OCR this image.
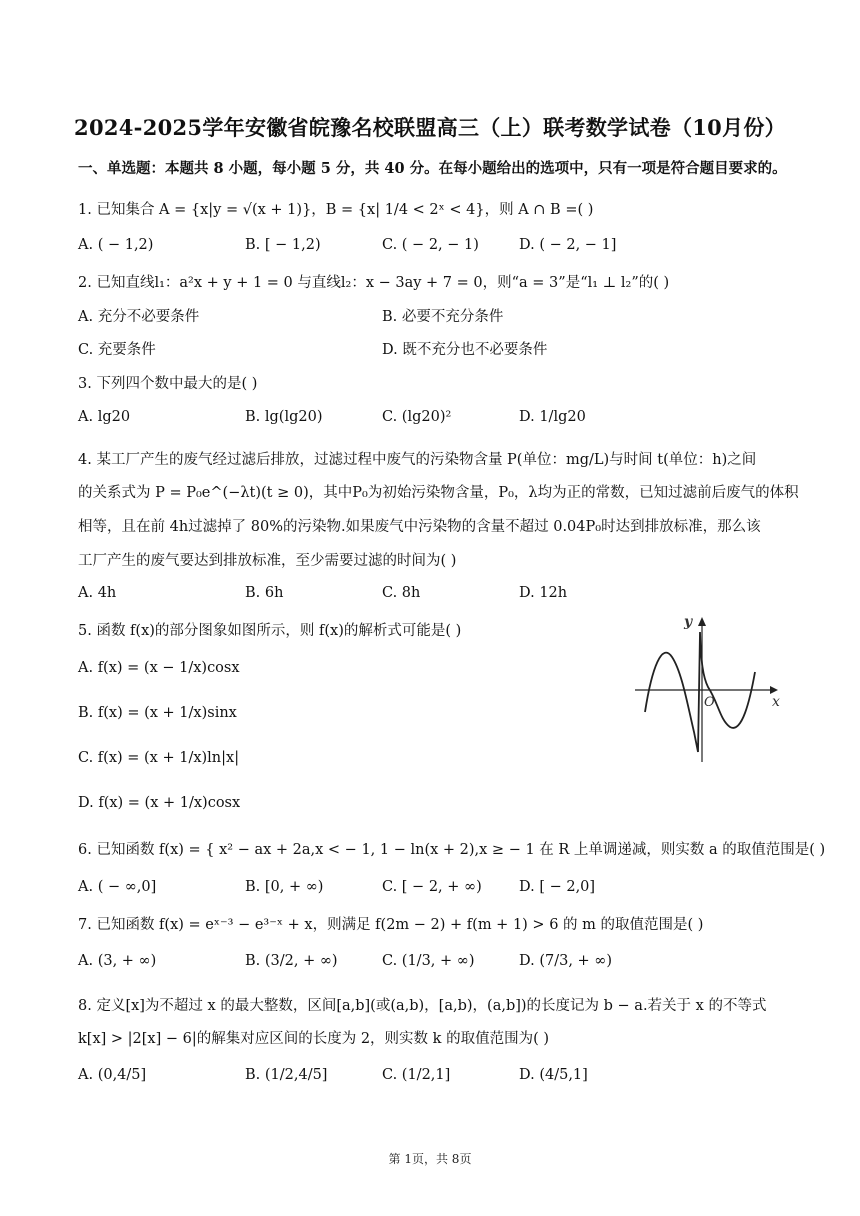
2024-2025学年安徽省皖豫名校联盟高三（上）联考数学试卷（10月份）
一、单选题：本题共 8 小题，每小题 5 分，共 40 分。在每小题给出的选项中，只有一项是符合题目要求的。
1. 已知集合 A = {x|y = √(x + 1)}，B = {x| 1/4 < 2ˣ < 4}，则 A ∩ B =( )
A. ( − 1,2)	B. [ − 1,2)	C. ( − 2, − 1)	D. ( − 2, − 1]
2. 已知直线l₁：a²x + y + 1 = 0 与直线l₂：x − 3ay + 7 = 0，则“a = 3”是“l₁ ⊥ l₂”的( )
A. 充分不必要条件	B. 必要不充分条件
C. 充要条件	D. 既不充分也不必要条件
3. 下列四个数中最大的是( )
A. lg20	B. lg(lg20)	C. (lg20)²	D. 1/lg20
4. 某工厂产生的废气经过滤后排放，过滤过程中废气的污染物含量 P(单位：mg/L)与时间 t(单位：h)之间
的关系式为 P = P₀e^(−λt)(t ≥ 0)，其中P₀为初始污染物含量，P₀，λ均为正的常数，已知过滤前后废气的体积
相等，且在前 4h过滤掉了 80%的污染物.如果废气中污染物的含量不超过 0.04P₀时达到排放标准，那么该
工厂产生的废气要达到排放标准，至少需要过滤的时间为( )
A. 4h	B. 6h	C. 8h	D. 12h
5. 函数 f(x)的部分图象如图所示，则 f(x)的解析式可能是( )
A. f(x) = (x − 1/x)cosx
B. f(x) = (x + 1/x)sinx
C. f(x) = (x + 1/x)ln|x|
D. f(x) = (x + 1/x)cosx
y
x
O
6. 已知函数 f(x) = { x² − ax + 2a,x < − 1, 1 − ln(x + 2),x ≥ − 1 在 R 上单调递减，则实数 a 的取值范围是( )
A. ( − ∞,0]	B. [0, + ∞)	C. [ − 2, + ∞)	D. [ − 2,0]
7. 已知函数 f(x) = eˣ⁻³ − e³⁻ˣ + x，则满足 f(2m − 2) + f(m + 1) > 6 的 m 的取值范围是( )
A. (3, + ∞)	B. (3/2, + ∞)	C. (1/3, + ∞)	D. (7/3, + ∞)
8. 定义[x]为不超过 x 的最大整数，区间[a,b](或(a,b)，[a,b)，(a,b])的长度记为 b − a.若关于 x 的不等式
k[x] > |2[x] − 6|的解集对应区间的长度为 2，则实数 k 的取值范围为( )
A. (0,4/5]	B. (1/2,4/5]	C. (1/2,1]	D. (4/5,1]
第 1页，共 8页
